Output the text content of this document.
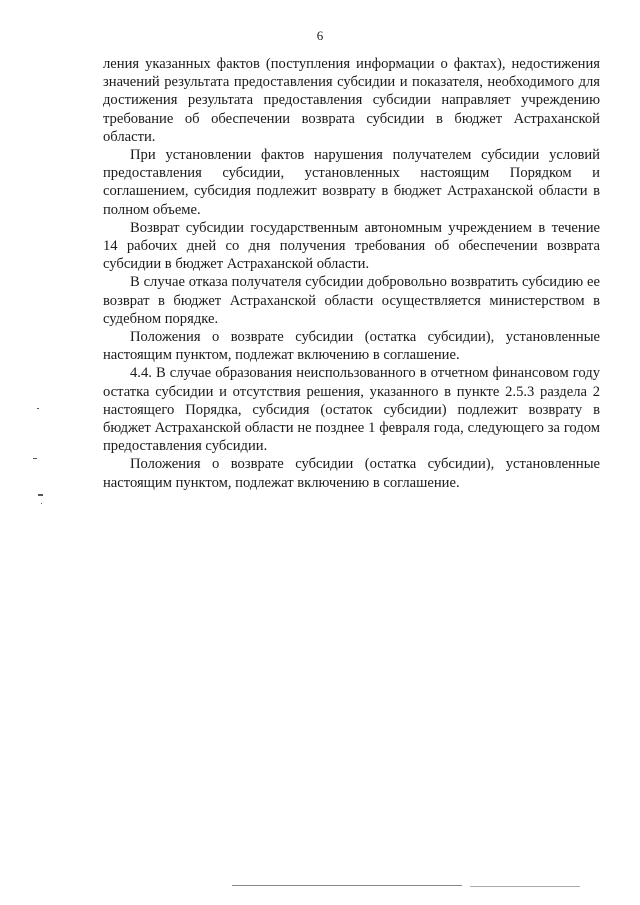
6

ления указанных фактов (поступления информации о фактах), недостижения значений результата предоставления субсидии и показателя, необходимого для достижения результата предоставления субсидии направляет учреждению требование об обеспечении возврата субсидии в бюджет Астраханской области.

При установлении фактов нарушения получателем субсидии условий предоставления субсидии, установленных настоящим Порядком и соглашением, субсидия подлежит возврату в бюджет Астраханской области в полном объеме.

Возврат субсидии государственным автономным учреждением в течение 14 рабочих дней со дня получения требования об обеспечении возврата субсидии в бюджет Астраханской области.

В случае отказа получателя субсидии добровольно возвратить субсидию ее возврат в бюджет Астраханской области осуществляется министерством в судебном порядке.

Положения о возврате субсидии (остатка субсидии), установленные настоящим пунктом, подлежат включению в соглашение.

4.4. В случае образования неиспользованного в отчетном финансовом году остатка субсидии и отсутствия решения, указанного в пункте 2.5.3 раздела 2 настоящего Порядка, субсидия (остаток субсидии) подлежит возврату в бюджет Астраханской области не позднее 1 февраля года, следующего за годом предоставления субсидии.

Положения о возврате субсидии (остатка субсидии), установленные настоящим пунктом, подлежат включению в соглашение.
